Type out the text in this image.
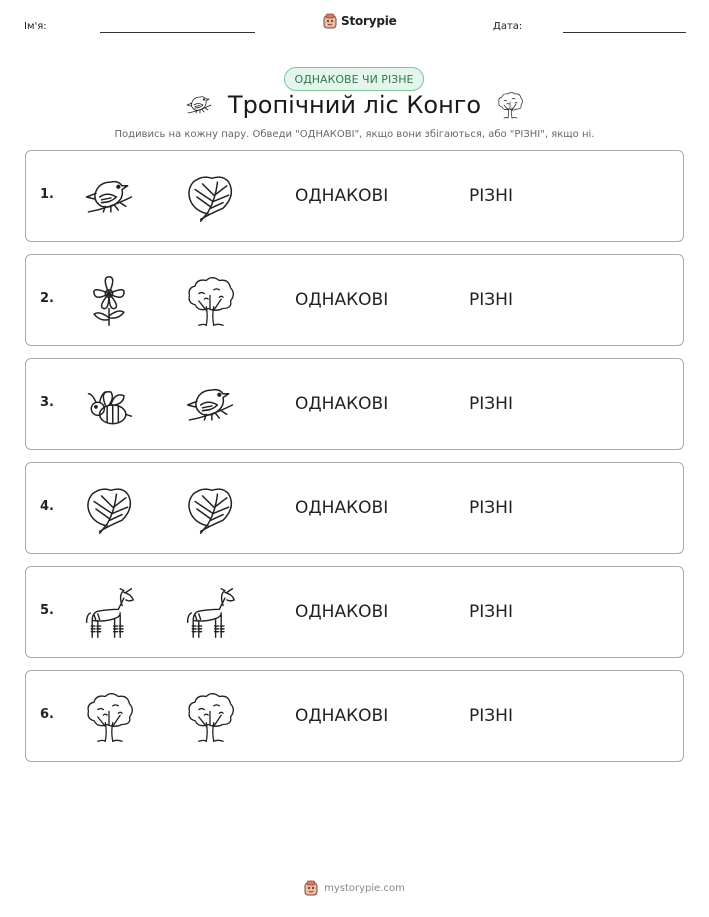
Ім'я:	Storypie	Дата:
ОДНАКОВЕ ЧИ РІЗНЕ
Тропічний ліс Конго
Подивись на кожну пару. Обведи "ОДНАКОВІ", якщо вони збігаються, або "РІЗНІ", якщо ні.
1.	ОДНАКОВІ	РІЗНІ
2.	ОДНАКОВІ	РІЗНІ
3.	ОДНАКОВІ	РІЗНІ
4.	ОДНАКОВІ	РІЗНІ
5.	ОДНАКОВІ	РІЗНІ
6.	ОДНАКОВІ	РІЗНІ
mystorypie.com
